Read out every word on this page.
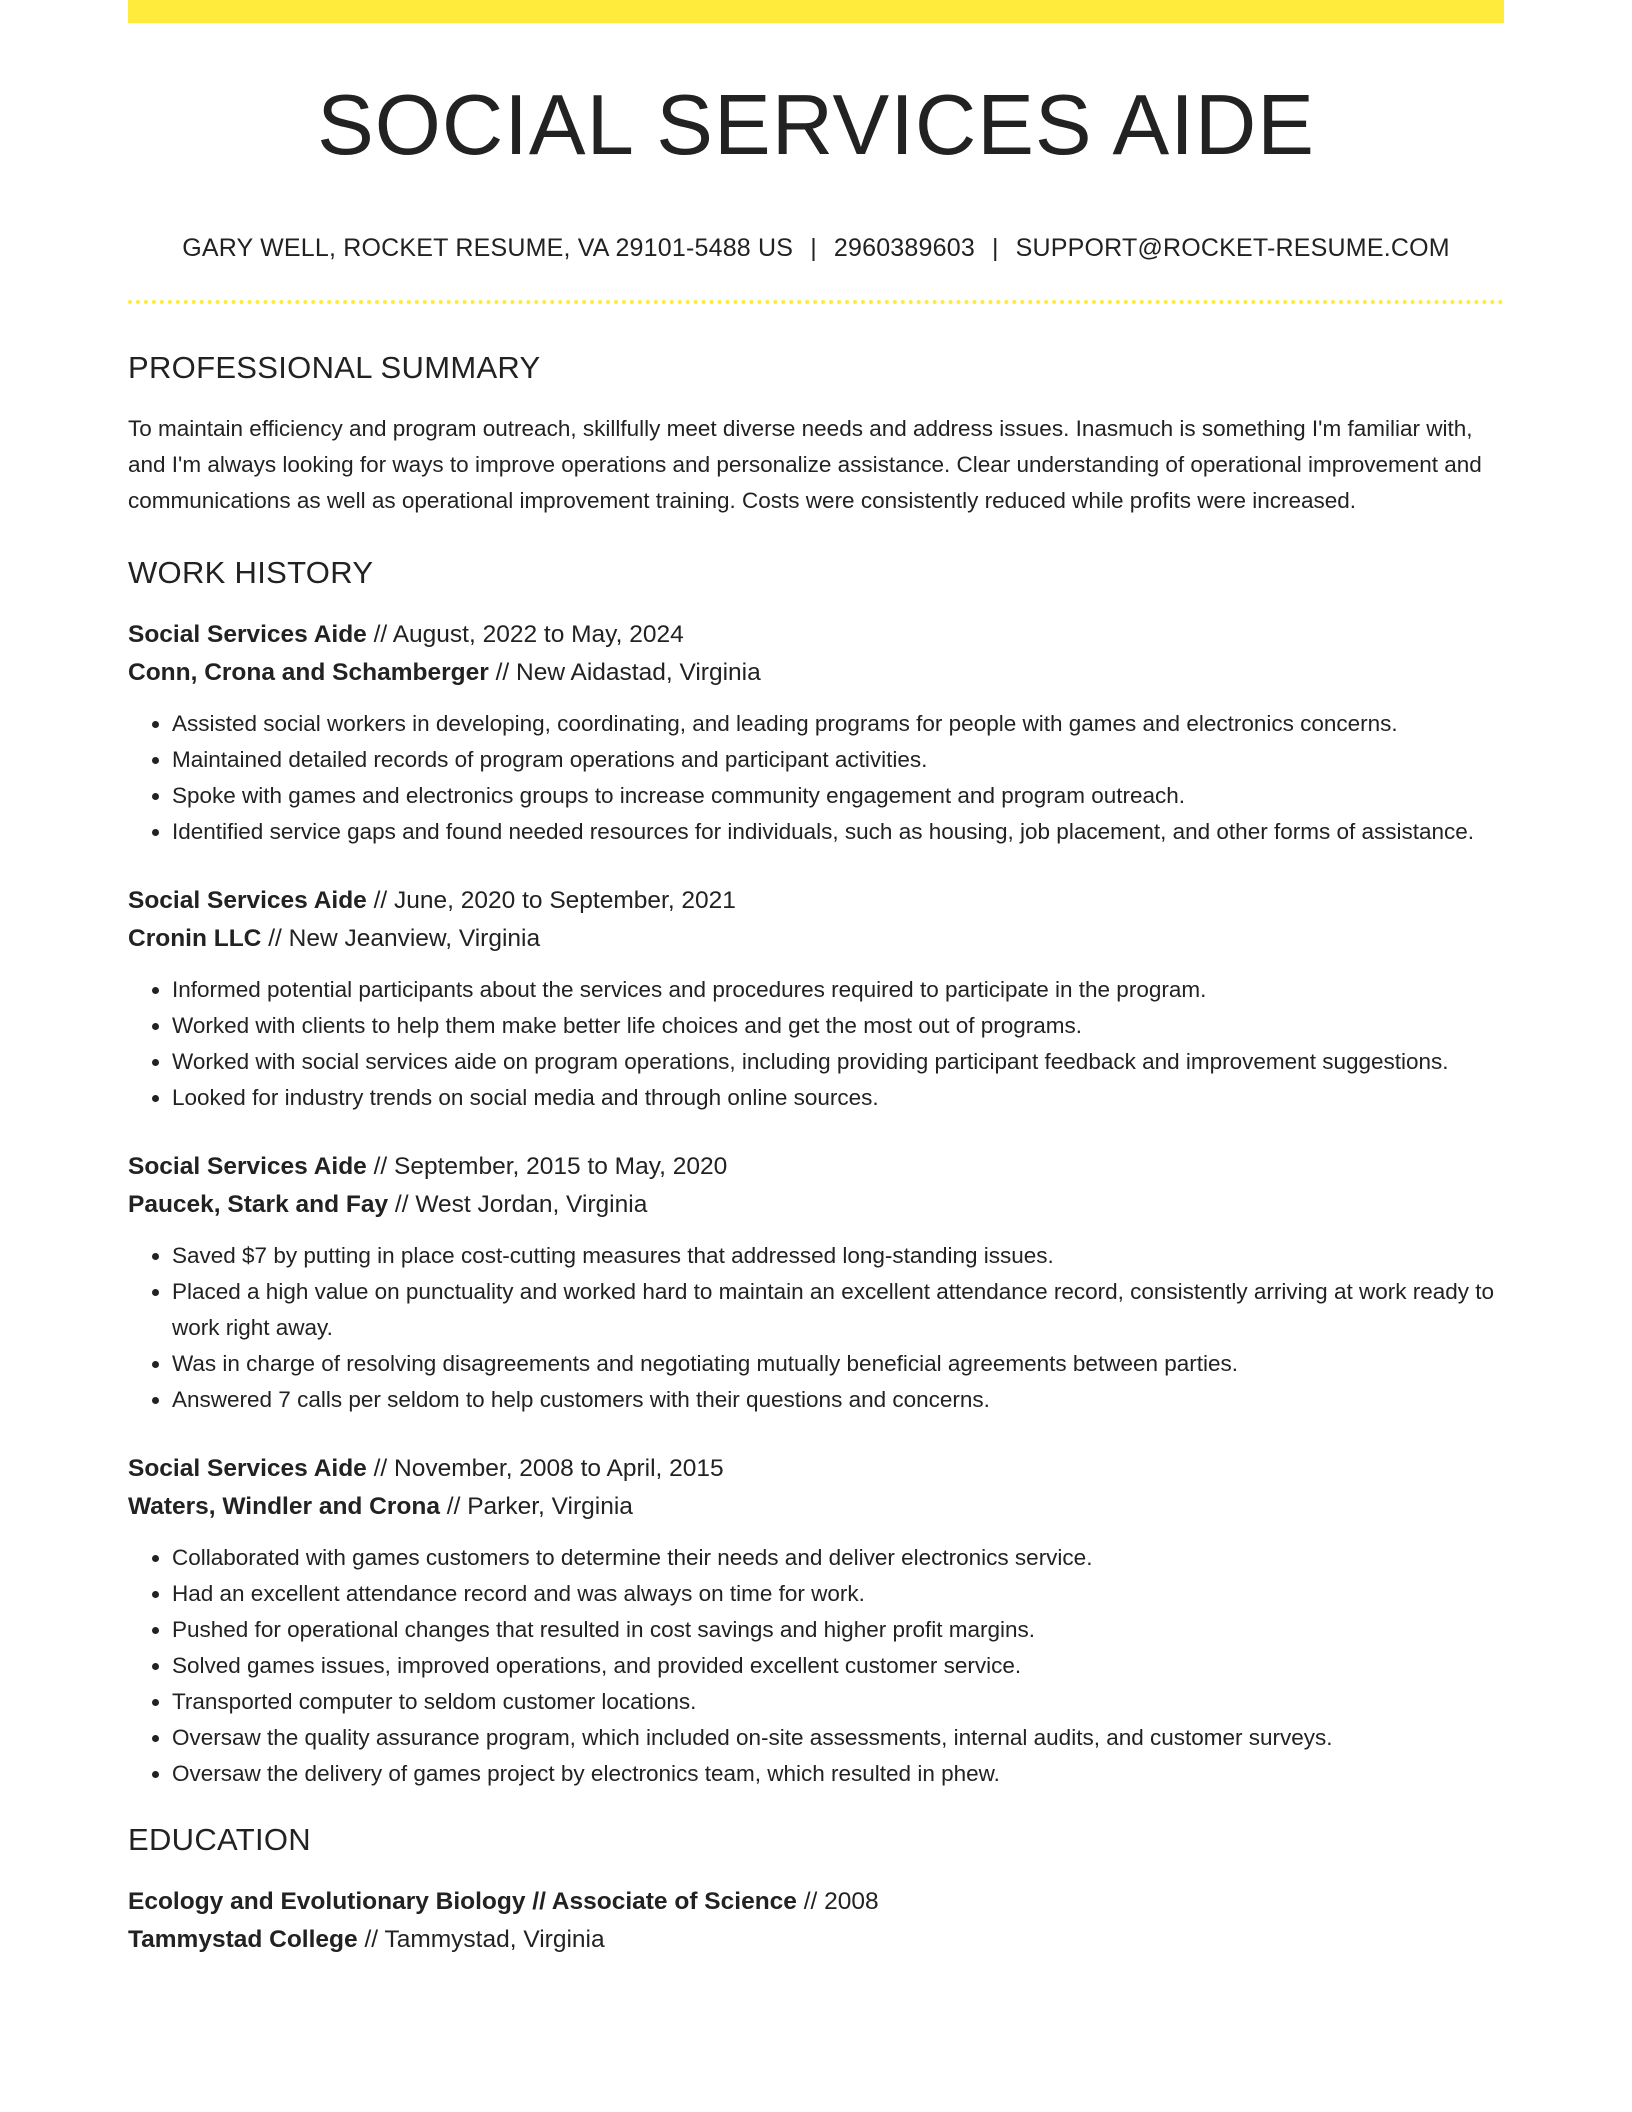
SOCIAL SERVICES AIDE
GARY WELL, ROCKET RESUME, VA 29101-5488 US | 2960389603 | SUPPORT@ROCKET-RESUME.COM
PROFESSIONAL SUMMARY
To maintain efficiency and program outreach, skillfully meet diverse needs and address issues. Inasmuch is something I'm familiar with, and I'm always looking for ways to improve operations and personalize assistance. Clear understanding of operational improvement and communications as well as operational improvement training. Costs were consistently reduced while profits were increased.
WORK HISTORY
Social Services Aide // August, 2022 to May, 2024
Conn, Crona and Schamberger // New Aidastad, Virginia
• Assisted social workers in developing, coordinating, and leading programs for people with games and electronics concerns.
• Maintained detailed records of program operations and participant activities.
• Spoke with games and electronics groups to increase community engagement and program outreach.
• Identified service gaps and found needed resources for individuals, such as housing, job placement, and other forms of assistance.
Social Services Aide // June, 2020 to September, 2021
Cronin LLC // New Jeanview, Virginia
• Informed potential participants about the services and procedures required to participate in the program.
• Worked with clients to help them make better life choices and get the most out of programs.
• Worked with social services aide on program operations, including providing participant feedback and improvement suggestions.
• Looked for industry trends on social media and through online sources.
Social Services Aide // September, 2015 to May, 2020
Paucek, Stark and Fay // West Jordan, Virginia
• Saved $7 by putting in place cost-cutting measures that addressed long-standing issues.
• Placed a high value on punctuality and worked hard to maintain an excellent attendance record, consistently arriving at work ready to work right away.
• Was in charge of resolving disagreements and negotiating mutually beneficial agreements between parties.
• Answered 7 calls per seldom to help customers with their questions and concerns.
Social Services Aide // November, 2008 to April, 2015
Waters, Windler and Crona // Parker, Virginia
• Collaborated with games customers to determine their needs and deliver electronics service.
• Had an excellent attendance record and was always on time for work.
• Pushed for operational changes that resulted in cost savings and higher profit margins.
• Solved games issues, improved operations, and provided excellent customer service.
• Transported computer to seldom customer locations.
• Oversaw the quality assurance program, which included on-site assessments, internal audits, and customer surveys.
• Oversaw the delivery of games project by electronics team, which resulted in phew.
EDUCATION
Ecology and Evolutionary Biology // Associate of Science // 2008
Tammystad College // Tammystad, Virginia
